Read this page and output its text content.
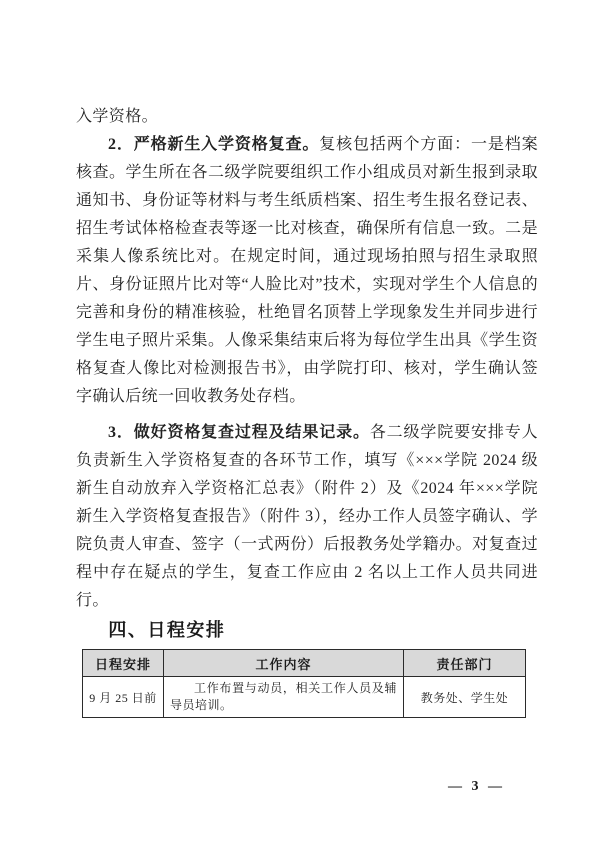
入学资格。

2．严格新生入学资格复查。复核包括两个方面：一是档案核查。学生所在各二级学院要组织工作小组成员对新生报到录取通知书、身份证等材料与考生纸质档案、招生考生报名登记表、招生考试体格检查表等逐一比对核查，确保所有信息一致。二是采集人像系统比对。在规定时间，通过现场拍照与招生录取照片、身份证照片比对等“人脸比对”技术，实现对学生个人信息的完善和身份的精准核验，杜绝冒名顶替上学现象发生并同步进行学生电子照片采集。人像采集结束后将为每位学生出具《学生资格复查人像比对检测报告书》，由学院打印、核对，学生确认签字确认后统一回收教务处存档。

3．做好资格复查过程及结果记录。各二级学院要安排专人负责新生入学资格复查的各环节工作，填写《×××学院 2024 级新生自动放弃入学资格汇总表》（附件 2）及《2024 年×××学院新生入学资格复查报告》（附件 3），经办工作人员签字确认、学院负责人审查、签字（一式两份）后报教务处学籍办。对复查过程中存在疑点的学生，复查工作应由 2 名以上工作人员共同进行。

四、日程安排
日程安排	工作内容	责任部门
9 月 25 日前	工作布置与动员，相关工作人员及辅导员培训。	教务处、学生处
— 3 —
